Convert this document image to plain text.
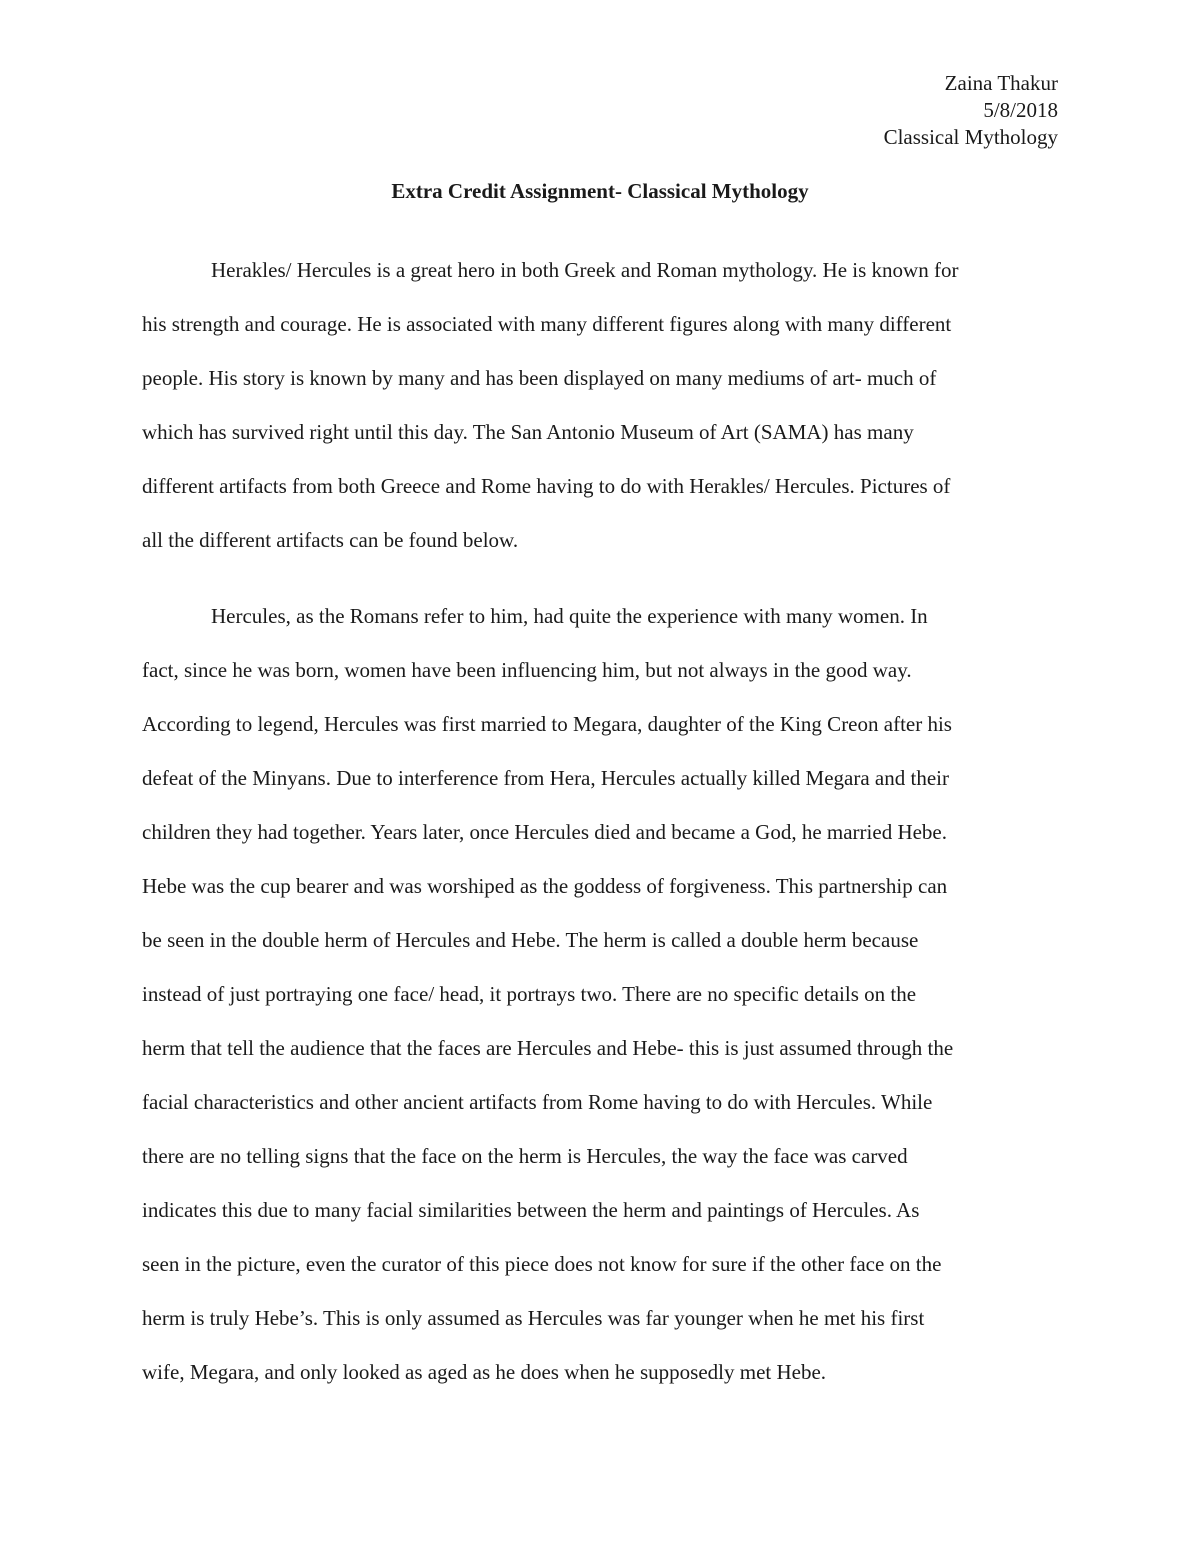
Zaina Thakur
5/8/2018
Classical Mythology
Extra Credit Assignment- Classical Mythology
Herakles/ Hercules is a great hero in both Greek and Roman mythology. He is known for
his strength and courage. He is associated with many different figures along with many different
people. His story is known by many and has been displayed on many mediums of art- much of
which has survived right until this day. The San Antonio Museum of Art (SAMA) has many
different artifacts from both Greece and Rome having to do with Herakles/ Hercules. Pictures of
all the different artifacts can be found below.
Hercules, as the Romans refer to him, had quite the experience with many women. In
fact, since he was born, women have been influencing him, but not always in the good way.
According to legend, Hercules was first married to Megara, daughter of the King Creon after his
defeat of the Minyans. Due to interference from Hera, Hercules actually killed Megara and their
children they had together. Years later, once Hercules died and became a God, he married Hebe.
Hebe was the cup bearer and was worshiped as the goddess of forgiveness. This partnership can
be seen in the double herm of Hercules and Hebe. The herm is called a double herm because
instead of just portraying one face/ head, it portrays two. There are no specific details on the
herm that tell the audience that the faces are Hercules and Hebe- this is just assumed through the
facial characteristics and other ancient artifacts from Rome having to do with Hercules. While
there are no telling signs that the face on the herm is Hercules, the way the face was carved
indicates this due to many facial similarities between the herm and paintings of Hercules. As
seen in the picture, even the curator of this piece does not know for sure if the other face on the
herm is truly Hebe’s. This is only assumed as Hercules was far younger when he met his first
wife, Megara, and only looked as aged as he does when he supposedly met Hebe.
